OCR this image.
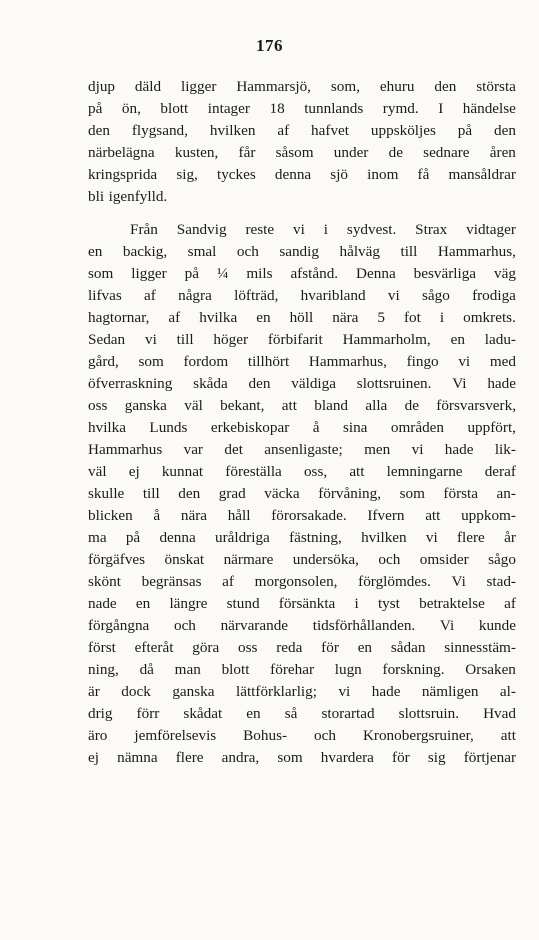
176
djup däld ligger Hammarsjö, som, ehuru den största
på ön, blott intager 18 tunnlands rymd. I händelse
den flygsand, hvilken af hafvet uppsköljes på den
närbelägna kusten, får såsom under de sednare åren
kringsprida sig, tyckes denna sjö inom få mansåldrar
bli igenfylld.
Från Sandvig reste vi i sydvest. Strax vidtager
en backig, smal och sandig hålväg till Hammarhus,
som ligger på ¼ mils afstånd. Denna besvärliga väg
lifvas af några löfträd, hvaribland vi sågo frodiga
hagtornar, af hvilka en höll nära 5 fot i omkrets.
Sedan vi till höger förbifarit Hammarholm, en ladu-
gård, som fordom tillhört Hammarhus, fingo vi med
öfverraskning skåda den väldiga slottsruinen. Vi hade
oss ganska väl bekant, att bland alla de försvarsverk,
hvilka Lunds erkebiskopar å sina områden uppfört,
Hammarhus var det ansenligaste; men vi hade lik-
väl ej kunnat föreställa oss, att lemningarne deraf
skulle till den grad väcka förvåning, som första an-
blicken å nära håll förorsakade. Ifvern att uppkom-
ma på denna uråldriga fästning, hvilken vi flere år
förgäfves önskat närmare undersöka, och omsider sågo
skönt begränsas af morgonsolen, förglömdes. Vi stad-
nade en längre stund försänkta i tyst betraktelse af
förgångna och närvarande tidsförhållanden. Vi kunde
först efteråt göra oss reda för en sådan sinnesstäm-
ning, då man blott förehar lugn forskning. Orsaken
är dock ganska lättförklarlig; vi hade nämligen al-
drig förr skådat en så storartad slottsruin. Hvad
äro jemförelsevis Bohus- och Kronobergsruiner, att
ej nämna flere andra, som hvardera för sig förtjenar
